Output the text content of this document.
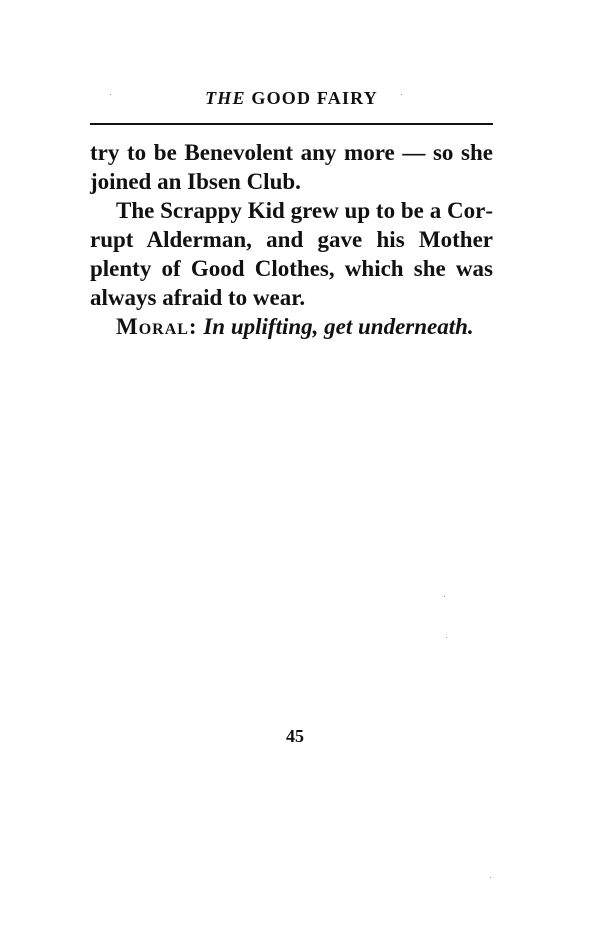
THE GOOD FAIRY

try to be Benevolent any more — so she joined an Ibsen Club.

The Scrappy Kid grew up to be a Corrupt Alderman, and gave his Mother plenty of Good Clothes, which she was always afraid to wear.

Moral: In uplifting, get underneath.

45
